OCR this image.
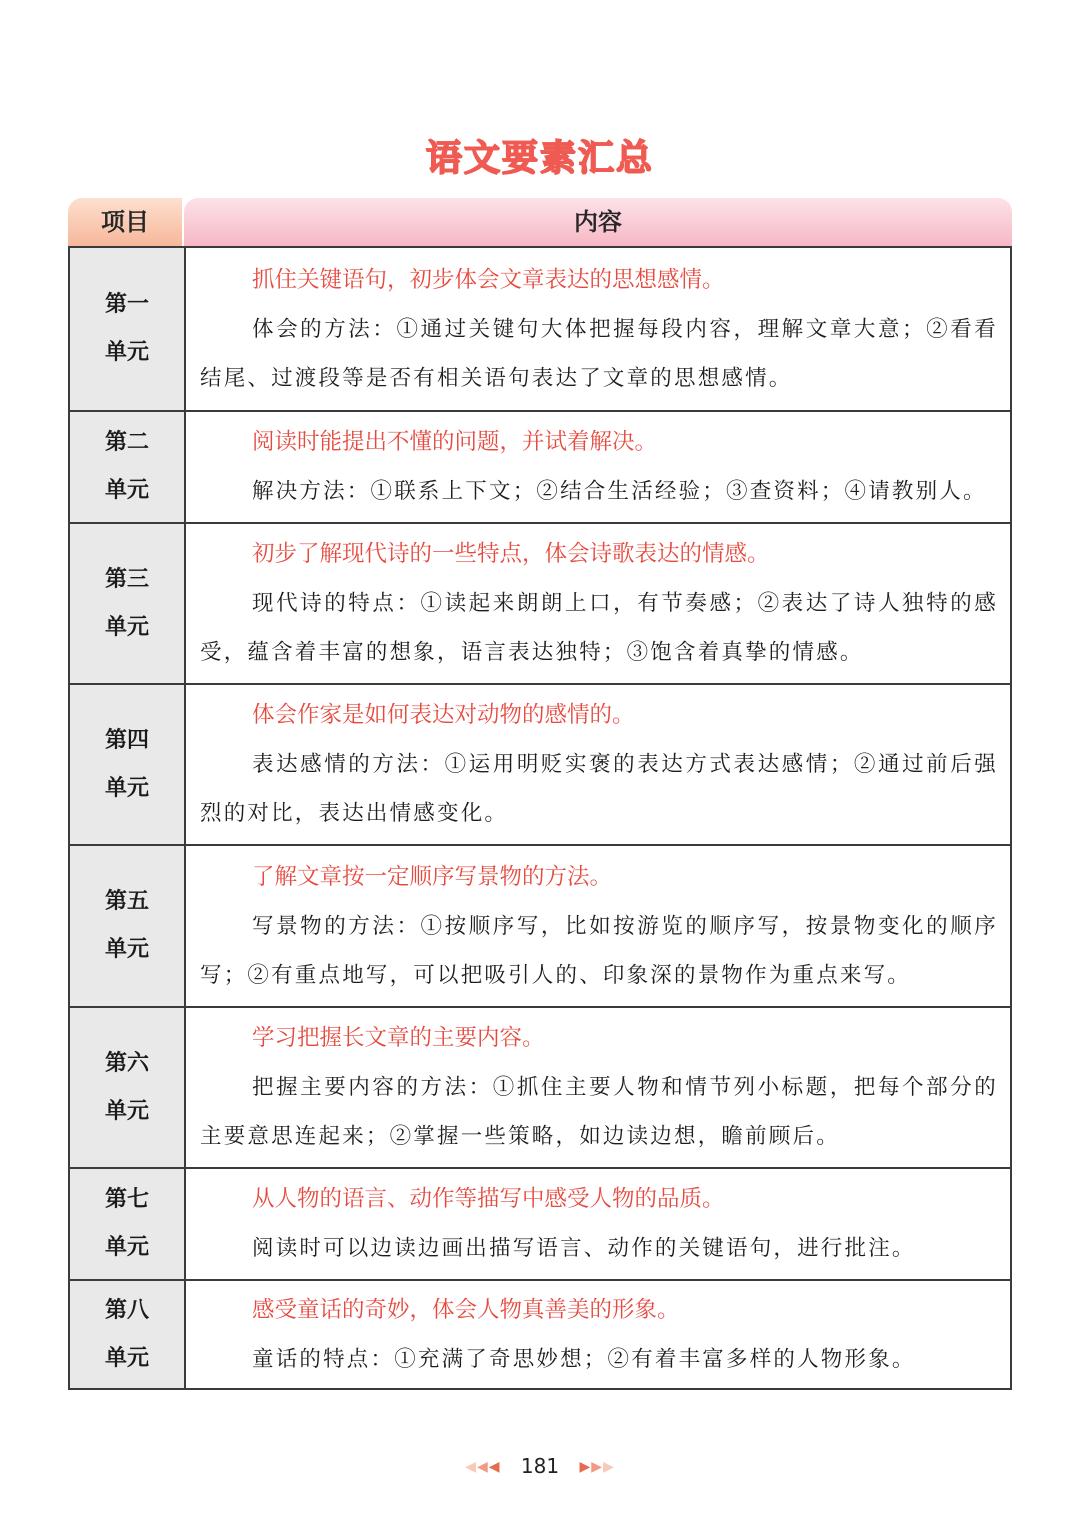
语文要素汇总
项目	内容
第一
单元
抓住关键语句，初步体会文章表达的思想感情。
体会的方法：①通过关键句大体把握每段内容，理解文章大意；②看看结尾、过渡段等是否有相关语句表达了文章的思想感情。
第二
单元
阅读时能提出不懂的问题，并试着解决。
解决方法：①联系上下文；②结合生活经验；③查资料；④请教别人。
第三
单元
初步了解现代诗的一些特点，体会诗歌表达的情感。
现代诗的特点：①读起来朗朗上口，有节奏感；②表达了诗人独特的感受，蕴含着丰富的想象，语言表达独特；③饱含着真挚的情感。
第四
单元
体会作家是如何表达对动物的感情的。
表达感情的方法：①运用明贬实褒的表达方式表达感情；②通过前后强烈的对比，表达出情感变化。
第五
单元
了解文章按一定顺序写景物的方法。
写景物的方法：①按顺序写，比如按游览的顺序写，按景物变化的顺序写；②有重点地写，可以把吸引人的、印象深的景物作为重点来写。
第六
单元
学习把握长文章的主要内容。
把握主要内容的方法：①抓住主要人物和情节列小标题，把每个部分的主要意思连起来；②掌握一些策略，如边读边想，瞻前顾后。
第七
单元
从人物的语言、动作等描写中感受人物的品质。
阅读时可以边读边画出描写语言、动作的关键语句，进行批注。
第八
单元
感受童话的奇妙，体会人物真善美的形象。
童话的特点：①充满了奇思妙想；②有着丰富多样的人物形象。
◀◀◀ 181 ▶▶▶
